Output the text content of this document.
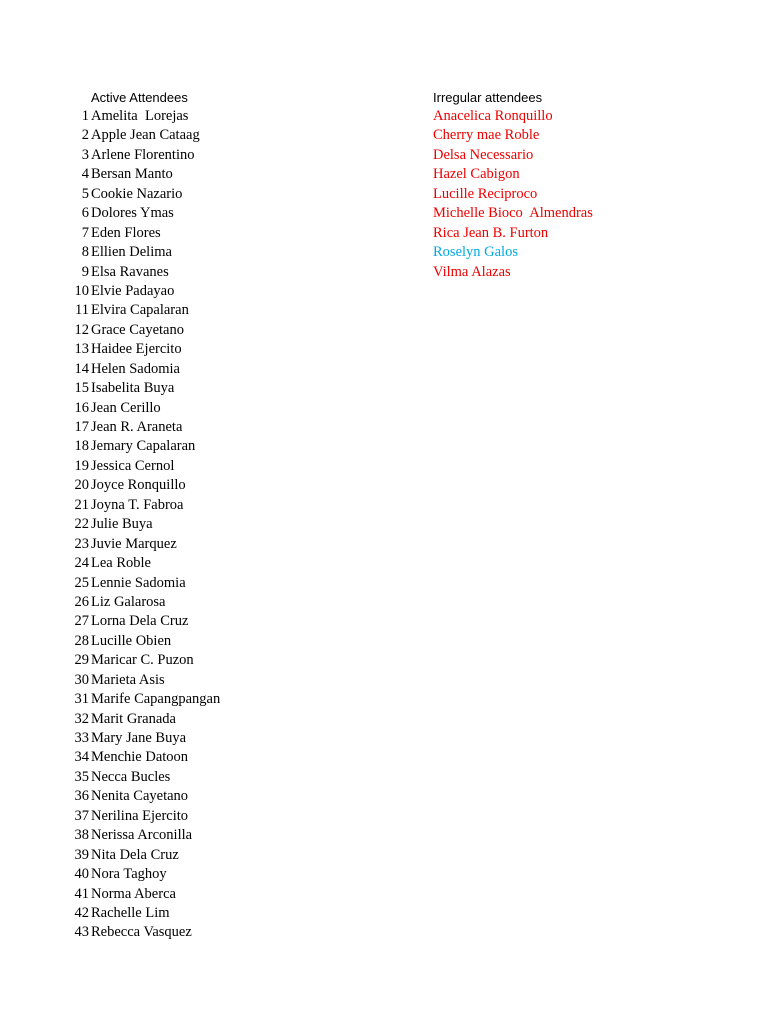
Active Attendees
1 Amelita  Lorejas
2 Apple Jean Cataag
3 Arlene Florentino
4 Bersan Manto
5 Cookie Nazario
6 Dolores Ymas
7 Eden Flores
8 Ellien Delima
9 Elsa Ravanes
10 Elvie Padayao
11 Elvira Capalaran
12 Grace Cayetano
13 Haidee Ejercito
14 Helen Sadomia
15 Isabelita Buya
16 Jean Cerillo
17 Jean R. Araneta
18 Jemary Capalaran
19 Jessica Cernol
20 Joyce Ronquillo
21 Joyna T. Fabroa
22 Julie Buya
23 Juvie Marquez
24 Lea Roble
25 Lennie Sadomia
26 Liz Galarosa
27 Lorna Dela Cruz
28 Lucille Obien
29 Maricar C. Puzon
30 Marieta Asis
31 Marife Capangpangan
32 Marit Granada
33 Mary Jane Buya
34 Menchie Datoon
35 Necca Bucles
36 Nenita Cayetano
37 Nerilina Ejercito
38 Nerissa Arconilla
39 Nita Dela Cruz
40 Nora Taghoy
41 Norma Aberca
42 Rachelle Lim
43 Rebecca Vasquez
Irregular attendees
Anacelica Ronquillo
Cherry mae Roble
Delsa Necessario
Hazel Cabigon
Lucille Reciproco
Michelle Bioco  Almendras
Rica Jean B. Furton
Roselyn Galos
Vilma Alazas
